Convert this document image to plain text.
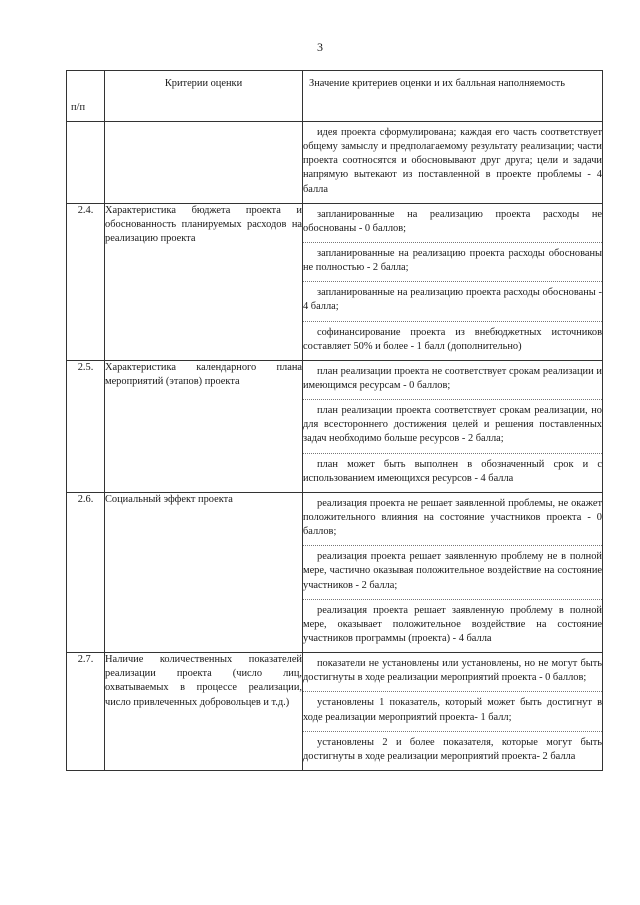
3
п/п	Критерии оценки	Значение критериев оценки и их балльная наполняемость

		идея проекта сформулирована; каждая его часть соответствует общему замыслу и предполагаемому результату реализации; части проекта соотносятся и обосновывают друг друга; цели и задачи напрямую вытекают из поставленной в проекте проблемы - 4 балла

2.4.	Характеристика бюджета проекта и обоснованность планируемых расходов на реализацию проекта	запланированные на реализацию проекта расходы не обоснованы - 0 баллов;
запланированные на реализацию проекта расходы обоснованы не полностью - 2 балла;
запланированные на реализацию проекта расходы обоснованы - 4 балла;
софинансирование проекта из внебюджетных источников составляет 50% и более - 1 балл (дополнительно)

2.5.	Характеристика календарного плана мероприятий (этапов) проекта	план реализации проекта не соответствует срокам реализации и имеющимся ресурсам - 0 баллов;
план реализации проекта соответствует срокам реализации, но для всестороннего достижения целей и решения поставленных задач необходимо больше ресурсов - 2 балла;
план может быть выполнен в обозначенный срок и с использованием имеющихся ресурсов - 4 балла

2.6.	Социальный эффект проекта	реализация проекта не решает заявленной проблемы, не окажет положительного влияния на состояние участников проекта - 0 баллов;
реализация проекта решает заявленную проблему не в полной мере, частично оказывая положительное воздействие на состояние участников - 2 балла;
реализация проекта решает заявленную проблему в полной мере, оказывает положительное воздействие на состояние участников программы (проекта) - 4 балла

2.7.	Наличие количественных показателей реализации проекта (число лиц, охватываемых в процессе реализации, число привлеченных добровольцев и т.д.)	показатели не установлены или установлены, но не могут быть достигнуты в ходе реализации мероприятий проекта - 0 баллов;
установлены 1 показатель, который может быть достигнут в ходе реализации мероприятий проекта- 1 балл;
установлены 2 и более показателя, которые могут быть достигнуты в ходе реализации мероприятий проекта- 2 балла
